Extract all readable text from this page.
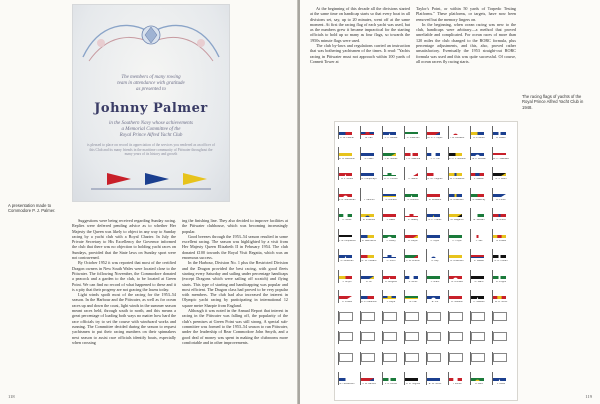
The members of many rowing
team in attendance with gratitude
as presented to
Johnny Palmer
in the Southern Navy whose achievements
a Memorial Committee of the
Royal Prince Alfred Yacht Club
is pleased to place on record its appreciation of the services you rendered as an officer of this Club and its many friends in the maritime community of Pittwater throughout the many years of its history and growth
A presentation made to Commodore P. J. Palmer.

Suggestions were being received regarding Sunday racing. Replies were deferred pending advice as to whether Her Majesty the Queen was likely to object in any way to Sunday racing by a yacht club with a Royal Charter. In July the Private Secretary to His Excellency the Governor informed the club that there was no objection to holding yacht races on Sundays, provided that the State laws on Sunday sport were not contravened.

By October 1952 it was reported that most of the certified Dragon owners in New South Wales were located close to the Pittwater. The following November, the Commodore donated a peacock and a garden to the club, to be located at Green Point. We can find no record of what happened to these and it is a pity that their progeny are not gracing the lawns today.

Light winds spoilt most of the racing for the 1953–54 season. In the Harbour and the Pittwater, as well as for ocean races up and down the coast, light winds in the summer season meant races held, through south to north, and this means a great percentage of loading both ways no matter how hard the race officials try to set the course with windward works and running. The Committee decided during the season to request yachtsmen to put their racing numbers on their spinnakers next season to assist race officials identify boats, especially when crossing

ing the finishing line. They also decided to improve facilities at the Pittwater clubhouse, which was becoming increasingly popular.

Good breezes through the 1953–54 season resulted in some excellent racing. The season was highlighted by a visit from Her Majesty Queen Elizabeth II in February 1954. The club donated £100 towards the Royal Visit Regatta, which was an enormous success.

In the Harbour, Division No. 1 plus the Restricted Division and the Dragon provided the best racing, with good fleets starting every Saturday and sailing under percentage handicaps (except Dragons which were sailing off scratch) and flying starts. This type of starting and handicapping was popular and most efficient. The Dragon class had proved to be very popular with members. The club had also increased the interest in Olympic yacht racing by participating in international 12 square metre Sharpie from England.

Although it was noted in the Annual Report that interest in racing in the Pittwater was falling off, the popularity of the club's premises at Green Point was still strong. A special sub-committee was formed to the 1953–54 season to run Pittwater, under the leadership of Rear Commodore John Smyth, and a good deal of money was spent in making the clubrooms more comfortable and in other improvements.

118

At the beginning of this decade all the divisions started at the same time on handicap starts so that every boat in all divisions set, say, up to 20 minutes, went off at the same moment. At first the racing flag of each yacht was used, but as the numbers grew it became impractical for the starting officials to hold up so many as four flags, so towards the 1950s minute flags were used.

The club by-laws and regulations carried an instruction that was bothering yachtsmen of the times. It read: "Yachts racing in Pittwater must not approach within 100 yards of Connett Tower at

Taylor's Point, or within 50 yards of Torpedo Testing Platforms." These platforms, or targets, have now been removed but the memory lingers on.

In the beginning, when ocean racing was new to the club, handicaps were arbitrary—a method that proved unreliable and complicated. For ocean races of more than 120 miles the club changed to the RORC formula, plus percentage adjustments, and this, also, proved rather unsatisfactory. Eventually the 1953 straight-out RORC formula was used and this was quite successful. Of course, all ocean racers fly racing starts.

The racing flags of yachts of the Royal Prince Alfred Yacht Club in 1948.
C. M. Palmer	M. Farr	J. H. Buckle	C. Freeman	Dr. F. J. Taylor	T. E. Brookeb	A. F. Albert	A. Roach
A. G. Ashworth	A. Pallin	J. E. Stokes	T. C. Maerina	J. H. Hill	W. O. J. Goulton	E. P. Mulhall	W. H. Gaddard
N. J. Grubb	A. Humphreys	A. H. Crouch	H. Martin	A. Dr. Hughes	W. J. Brekens	J. Gaillon	A. J. Ward
A. R. Buchanan	T. Harmon	C. Duffield	C. Dobson	R. Rowland	R. Anderson	A. Blakeney	D. Porter
K. Wolfe	R. Pittwood	J. Baker	K. Nealey	A. L. Trainer	M. Dalgarno	E. Stewart	M. Bruce
K. M. Kirkpatrick	R. Barrowcliff	J. Cleary	A. Dwyer	F. Taylor	H. Hoyle	J. Sell	N. Powell
D. Goldman	R. W. Howard	C. Short	J. W. Kramer	A. Day	R. Anderson	K. Walker	A. B. Hobart
J. Smyth	A. Orr	A. Burgess	L. Nicoll	J. Grant	G. Orchard	D. Baird	A. Phipps
C. Powell	A. F. Patterson	J. Boyle	G. Hall	E. Pitt	R. Sheldon	H. Warden	W. B. Smith
R. Henderson	J. W. Barnes	J. A. Brown	A. D. Hughes	E. W. Smith	T. Moran	S. Lahn	J. Reed
119
